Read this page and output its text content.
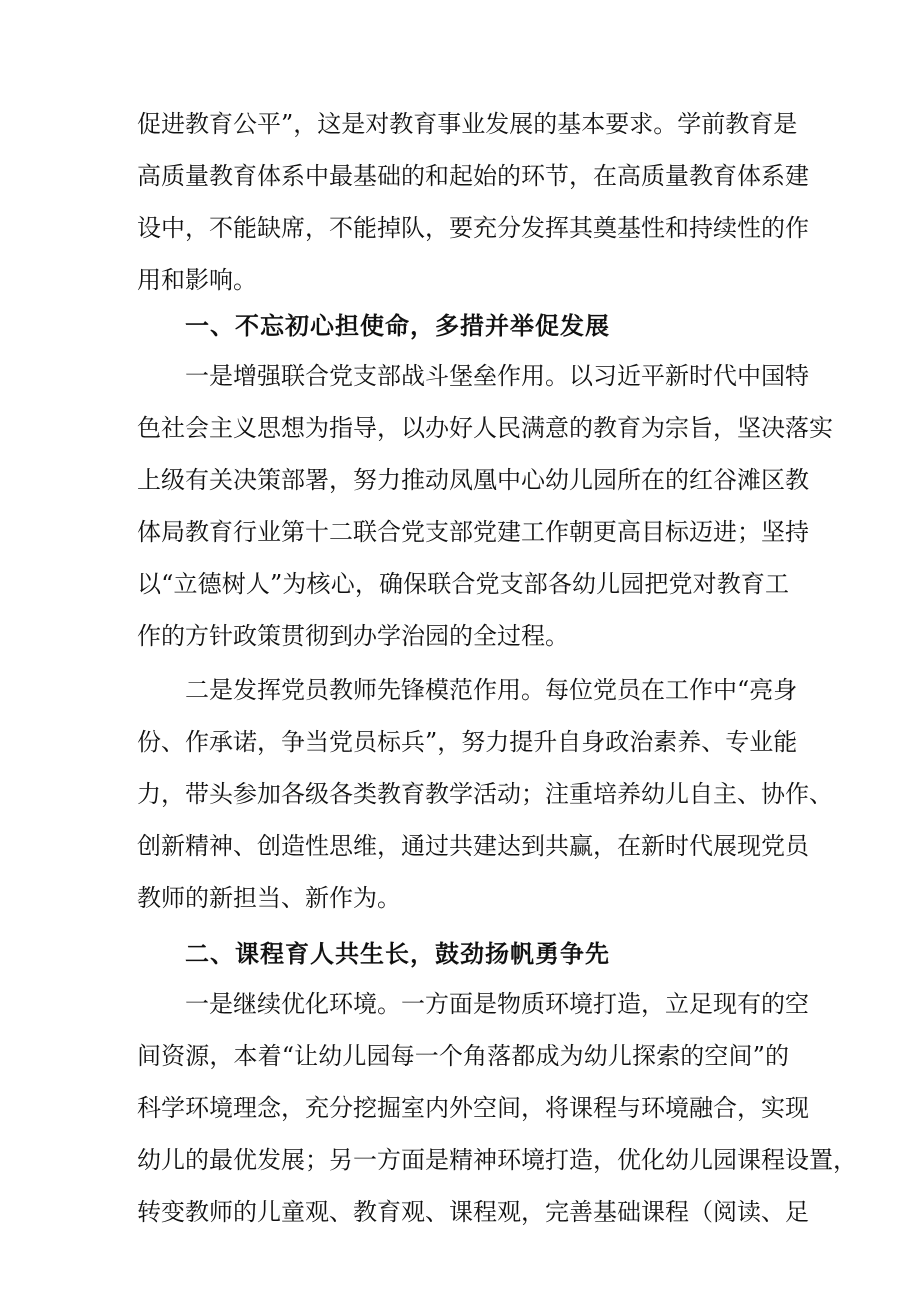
促进教育公平”，这是对教育事业发展的基本要求。学前教育是
高质量教育体系中最基础的和起始的环节，在高质量教育体系建
设中，不能缺席，不能掉队，要充分发挥其奠基性和持续性的作
用和影响。
一、不忘初心担使命，多措并举促发展
一是增强联合党支部战斗堡垒作用。以习近平新时代中国特
色社会主义思想为指导，以办好人民满意的教育为宗旨，坚决落实
上级有关决策部署，努力推动凤凰中心幼儿园所在的红谷滩区教
体局教育行业第十二联合党支部党建工作朝更高目标迈进；坚持
以“立德树人”为核心，确保联合党支部各幼儿园把党对教育工
作的方针政策贯彻到办学治园的全过程。
二是发挥党员教师先锋模范作用。每位党员在工作中“亮身
份、作承诺，争当党员标兵”，努力提升自身政治素养、专业能
力，带头参加各级各类教育教学活动；注重培养幼儿自主、协作、
创新精神、创造性思维，通过共建达到共赢，在新时代展现党员
教师的新担当、新作为。
二、课程育人共生长，鼓劲扬帆勇争先
一是继续优化环境。一方面是物质环境打造，立足现有的空
间资源，本着“让幼儿园每一个角落都成为幼儿探索的空间”的
科学环境理念，充分挖掘室内外空间，将课程与环境融合，实现
幼儿的最优发展；另一方面是精神环境打造，优化幼儿园课程设置，
转变教师的儿童观、教育观、课程观，完善基础课程（阅读、足
